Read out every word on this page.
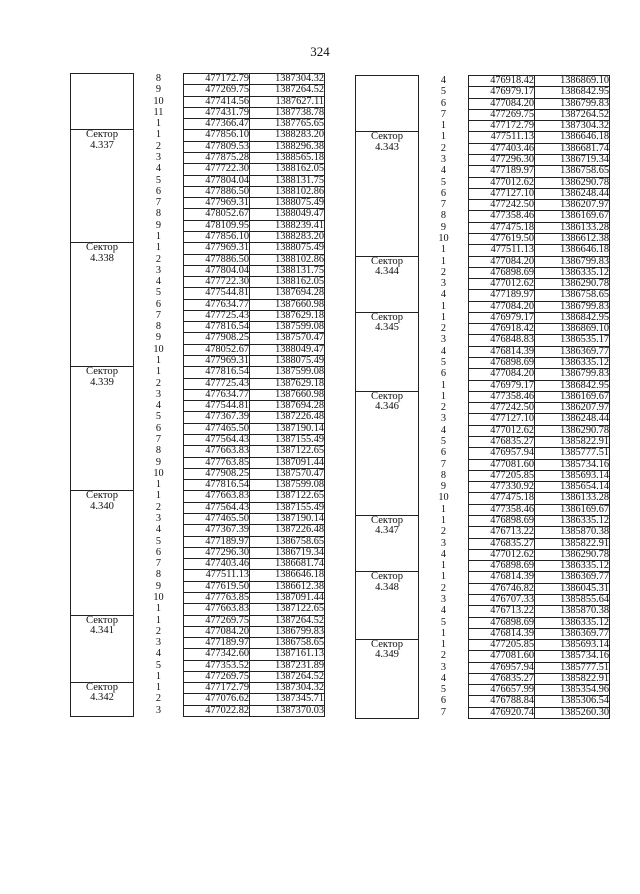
324
	8	477172.79	1387304.32
	9	477269.75	1387264.52
	10	477414.56	1387627.11
	11	477431.79	1387738.78
	1	477366.47	1387765.65

Сектор
4.337	1	477856.10	1388283.20
	2	477809.53	1388296.38
	3	477875.28	1388565.18
	4	477722.30	1388162.05
	5	477804.04	1388131.75
	6	477886.50	1388102.86
	7	477969.31	1388075.49
	8	478052.67	1388049.47
	9	478109.95	1388239.41
	1	477856.10	1388283.20

Сектор
4.338	1	477969.31	1388075.49
	2	477886.50	1388102.86
	3	477804.04	1388131.75
	4	477722.30	1388162.05
	5	477544.81	1387694.28
	6	477634.77	1387660.98
	7	477725.43	1387629.18
	8	477816.54	1387599.08
	9	477908.25	1387570.47
	10	478052.67	1388049.47
	1	477969.31	1388075.49

Сектор
4.339	1	477816.54	1387599.08
	2	477725.43	1387629.18
	3	477634.77	1387660.98
	4	477544.81	1387694.28
	5	477367.39	1387226.48
	6	477465.50	1387190.14
	7	477564.43	1387155.49
	8	477663.83	1387122.65
	9	477763.85	1387091.44
	10	477908.25	1387570.47
	1	477816.54	1387599.08

Сектор
4.340	1	477663.83	1387122.65
	2	477564.43	1387155.49
	3	477465.50	1387190.14
	4	477367.39	1387226.48
	5	477189.97	1386758.65
	6	477296.30	1386719.34
	7	477403.46	1386681.74
	8	477511.13	1386646.18
	9	477619.50	1386612.38
	10	477763.85	1387091.44
	1	477663.83	1387122.65

Сектор
4.341	1	477269.75	1387264.52
	2	477084.20	1386799.83
	3	477189.97	1386758.65
	4	477342.60	1387161.13
	5	477353.52	1387231.89
	1	477269.75	1387264.52

Сектор
4.342	1	477172.79	1387304.32
	2	477076.62	1387345.71
	3	477022.82	1387370.03
	4	476918.42	1386869.10
	5	476979.17	1386842.95
	6	477084.20	1386799.83
	7	477269.75	1387264.52
	1	477172.79	1387304.32

Сектор
4.343	1	477511.13	1386646.18
	2	477403.46	1386681.74
	3	477296.30	1386719.34
	4	477189.97	1386758.65
	5	477012.62	1386290.78
	6	477127.10	1386248.44
	7	477242.50	1386207.97
	8	477358.46	1386169.67
	9	477475.18	1386133.28
	10	477619.50	1386612.38
	1	477511.13	1386646.18

Сектор
4.344	1	477084.20	1386799.83
	2	476898.69	1386335.12
	3	477012.62	1386290.78
	4	477189.97	1386758.65
	1	477084.20	1386799.83

Сектор
4.345	1	476979.17	1386842.95
	2	476918.42	1386869.10
	3	476848.83	1386535.17
	4	476814.39	1386369.77
	5	476898.69	1386335.12
	6	477084.20	1386799.83
	1	476979.17	1386842.95

Сектор
4.346	1	477358.46	1386169.67
	2	477242.50	1386207.97
	3	477127.10	1386248.44
	4	477012.62	1386290.78
	5	476835.27	1385822.91
	6	476957.94	1385777.51
	7	477081.60	1385734.16
	8	477205.85	1385693.14
	9	477330.92	1385654.14
	10	477475.18	1386133.28
	1	477358.46	1386169.67

Сектор
4.347	1	476898.69	1386335.12
	2	476713.22	1385870.38
	3	476835.27	1385822.91
	4	477012.62	1386290.78
	1	476898.69	1386335.12

Сектор
4.348	1	476814.39	1386369.77
	2	476746.82	1386045.31
	3	476707.33	1385855.64
	4	476713.22	1385870.38
	5	476898.69	1386335.12
	1	476814.39	1386369.77

Сектор
4.349	1	477205.85	1385693.14
	2	477081.60	1385734.16
	3	476957.94	1385777.51
	4	476835.27	1385822.91
	5	476657.99	1385354.96
	6	476788.84	1385306.54
	7	476920.74	1385260.30
